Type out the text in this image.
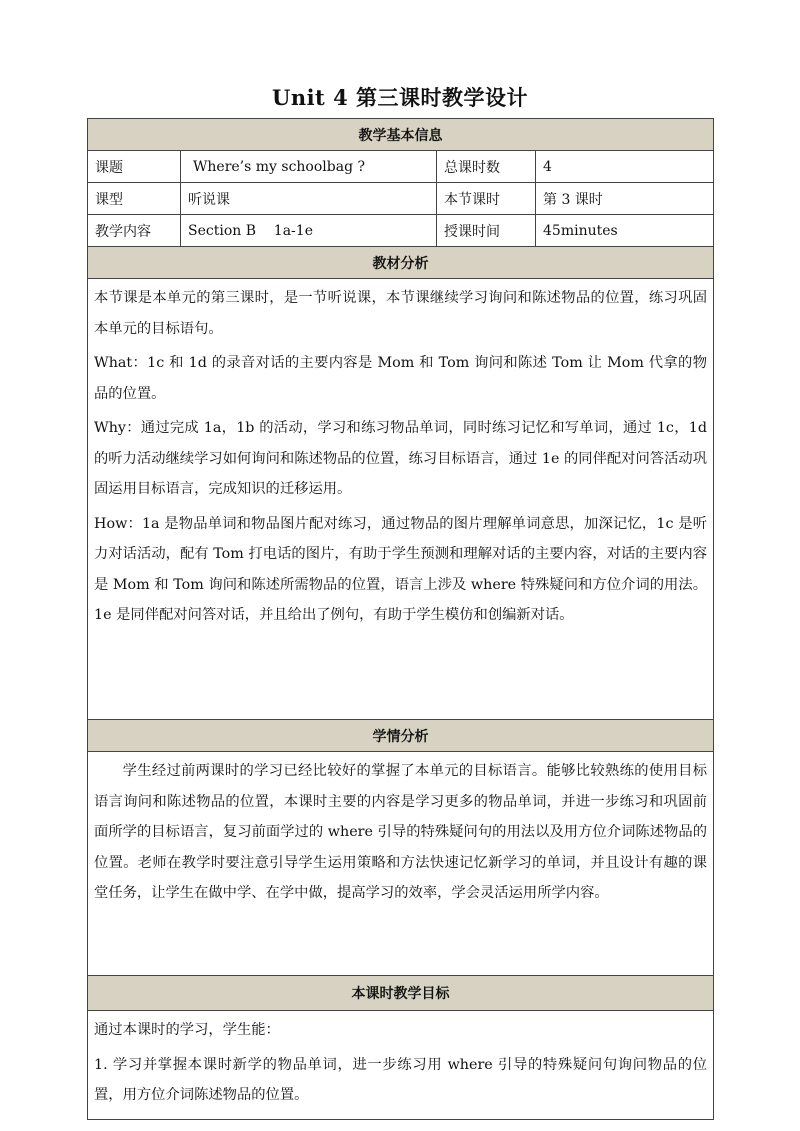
Unit 4 第三课时教学设计
教学基本信息			
课题	Where’s my schoolbag ?	总课时数	4
课型	听说课	本节课时	第 3 课时
教学内容	Section B    1a-1e	授课时间	45minutes
教材分析			

本节课是本单元的第三课时，是一节听说课，本节课继续学习询问和陈述物品的位置，练习巩固本单元的目标语句。

What：1c 和 1d 的录音对话的主要内容是 Mom 和 Tom 询问和陈述 Tom 让 Mom 代拿的物品的位置。

Why：通过完成 1a，1b 的活动，学习和练习物品单词，同时练习记忆和写单词，通过 1c，1d 的听力活动继续学习如何询问和陈述物品的位置，练习目标语言，通过 1e 的同伴配对问答活动巩固运用目标语言，完成知识的迁移运用。

How：1a 是物品单词和物品图片配对练习，通过物品的图片理解单词意思，加深记忆，1c 是听力对话活动，配有 Tom 打电话的图片，有助于学生预测和理解对话的主要内容，对话的主要内容是 Mom 和 Tom 询问和陈述所需物品的位置，语言上涉及 where 特殊疑问和方位介词的用法。1e 是同伴配对问答对话，并且给出了例句，有助于学生模仿和创编新对话。			

学情分析			

学生经过前两课时的学习已经比较好的掌握了本单元的目标语言。能够比较熟练的使用目标语言询问和陈述物品的位置，本课时主要的内容是学习更多的物品单词，并进一步练习和巩固前面所学的目标语言，复习前面学过的 where 引导的特殊疑问句的用法以及用方位介词陈述物品的位置。老师在教学时要注意引导学生运用策略和方法快速记忆新学习的单词，并且设计有趣的课堂任务，让学生在做中学、在学中做，提高学习的效率，学会灵活运用所学内容。			

本课时教学目标			

通过本课时的学习，学生能：

1. 学习并掌握本课时新学的物品单词，进一步练习用 where 引导的特殊疑问句询问物品的位置，用方位介词陈述物品的位置。			
